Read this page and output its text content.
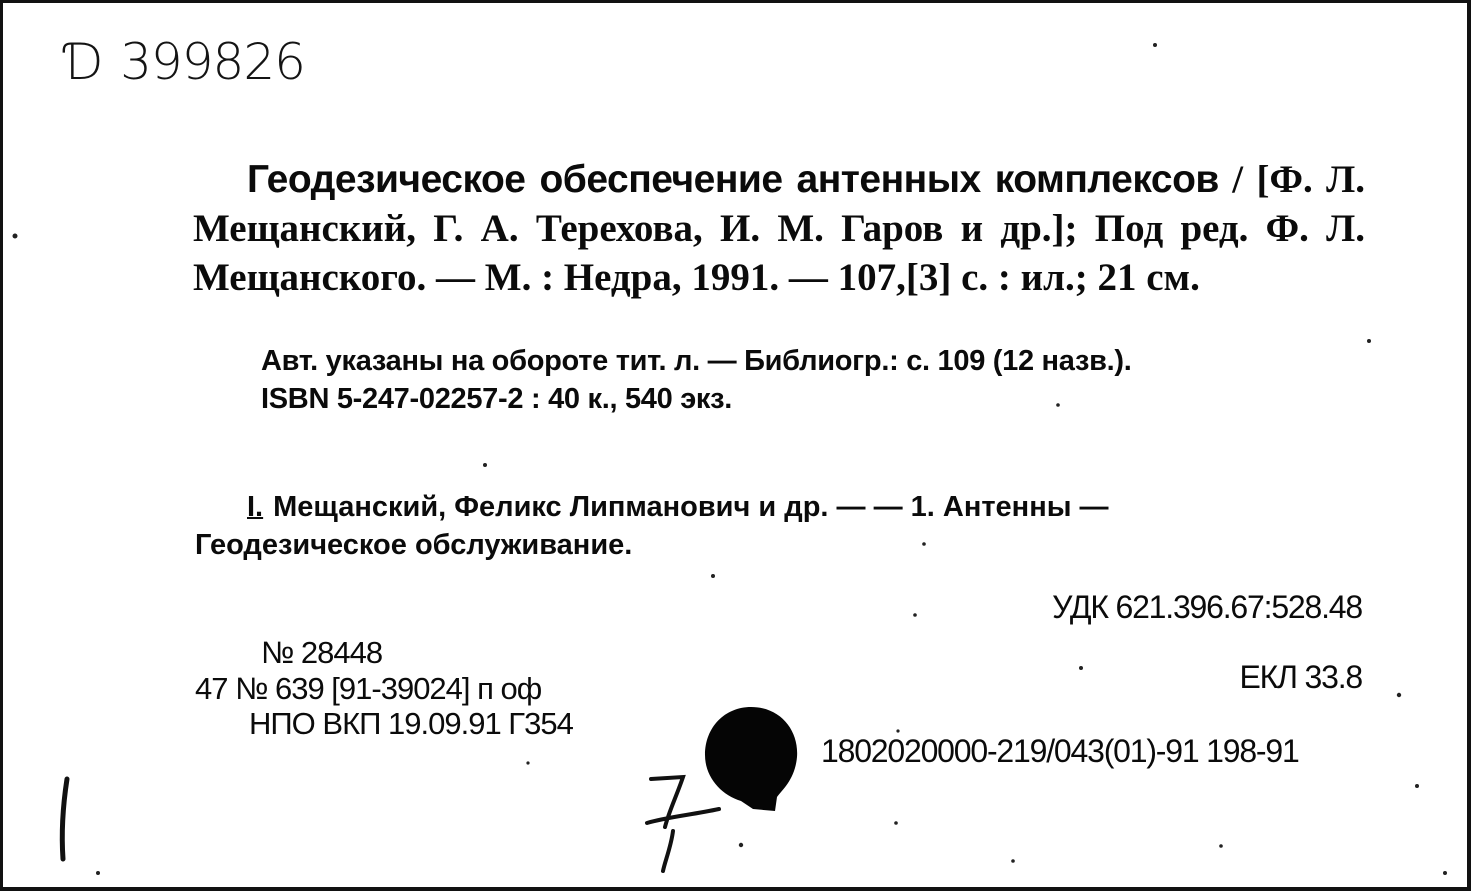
Ɗ 399826
Геодезическое обеспечение антенных комплексов / [Ф. Л. Мещанский, Г. А. Терехова, И. М. Гаров и др.]; Под ред. Ф. Л. Мещанского. — М. : Недра, 1991. — 107,[3] с. : ил.; 21 см.
Авт. указаны на обороте тит. л. — Библиогр.: с. 109 (12 назв.).
ISBN 5-247-02257-2 : 40 к., 540 экз.
I. Мещанский, Феликс Липманович и др. — — 1. Антенны —
Геодезическое обслуживание.
УДК 621.396.67:528.48
ЕКЛ 33.8
1802020000-219/043(01)-91 198-91
№ 28448
47 № 639 [91-39024] п оф
НПО ВКП 19.09.91 Г354
